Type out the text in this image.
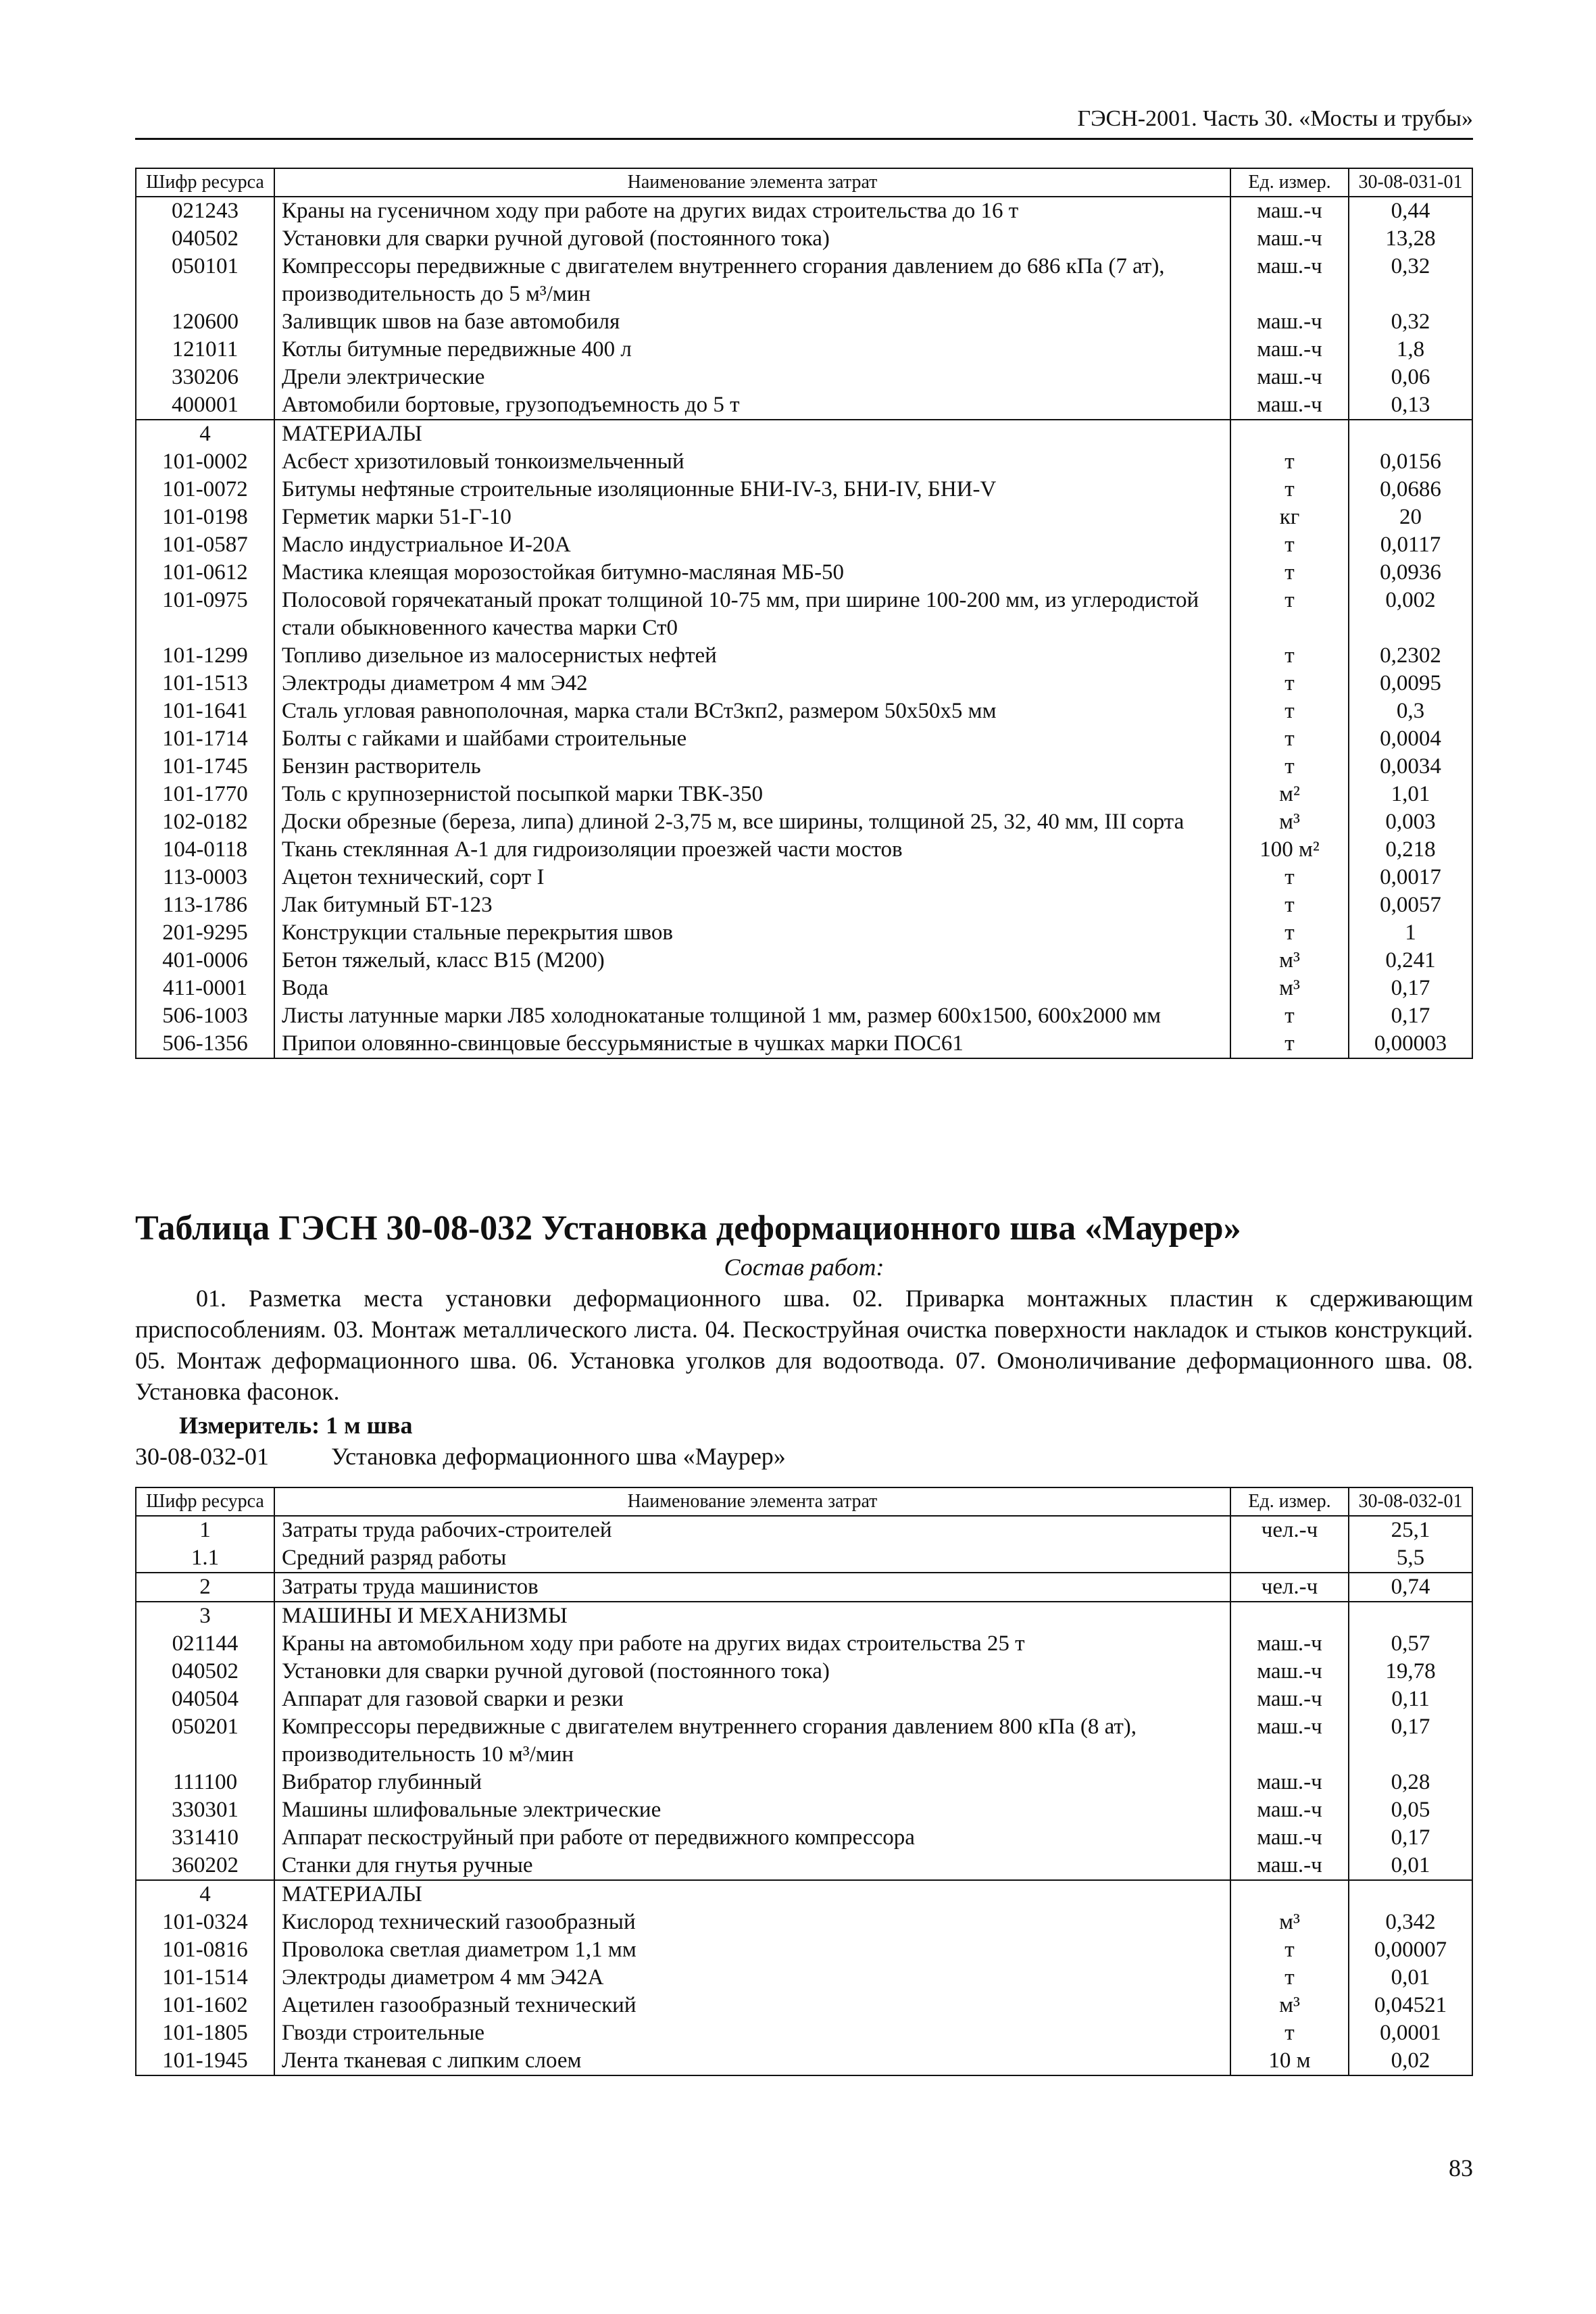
ГЭСН-2001. Часть 30. «Мосты и трубы»
Шифр ресурса	Наименование элемента затрат	Ед. измер.	30-08-031-01
021243	Краны на гусеничном ходу при работе на других видах строительства до 16 т	маш.-ч	0,44
040502	Установки для сварки ручной дуговой (постоянного тока)	маш.-ч	13,28
050101	Компрессоры передвижные с двигателем внутреннего сгорания давлением до 686 кПа (7 ат), производительность до 5 м³/мин	маш.-ч	0,32
120600	Заливщик швов на базе автомобиля	маш.-ч	0,32
121011	Котлы битумные передвижные 400 л	маш.-ч	1,8
330206	Дрели электрические	маш.-ч	0,06
400001	Автомобили бортовые, грузоподъемность до 5 т	маш.-ч	0,13
4	МАТЕРИАЛЫ		
101-0002	Асбест хризотиловый тонкоизмельченный	т	0,0156
101-0072	Битумы нефтяные строительные изоляционные БНИ-IV-3, БНИ-IV, БНИ-V	т	0,0686
101-0198	Герметик марки 51-Г-10	кг	20
101-0587	Масло индустриальное И-20А	т	0,0117
101-0612	Мастика клеящая морозостойкая битумно-масляная МБ-50	т	0,0936
101-0975	Полосовой горячекатаный прокат толщиной 10-75 мм, при ширине 100-200 мм, из углеродистой стали обыкновенного качества марки Ст0	т	0,002
101-1299	Топливо дизельное из малосернистых нефтей	т	0,2302
101-1513	Электроды диаметром 4 мм Э42	т	0,0095
101-1641	Сталь угловая равнополочная, марка стали ВСт3кп2, размером 50х50х5 мм	т	0,3
101-1714	Болты с гайками и шайбами строительные	т	0,0004
101-1745	Бензин растворитель	т	0,0034
101-1770	Толь с крупнозернистой посыпкой марки ТВК-350	м²	1,01
102-0182	Доски обрезные (береза, липа) длиной 2-3,75 м, все ширины, толщиной 25, 32, 40 мм, III сорта	м³	0,003
104-0118	Ткань стеклянная А-1 для гидроизоляции проезжей части мостов	100 м²	0,218
113-0003	Ацетон технический, сорт I	т	0,0017
113-1786	Лак битумный БТ-123	т	0,0057
201-9295	Конструкции стальные перекрытия швов	т	1
401-0006	Бетон тяжелый, класс В15 (М200)	м³	0,241
411-0001	Вода	м³	0,17
506-1003	Листы латунные марки Л85 холоднокатаные толщиной 1 мм, размер 600х1500, 600х2000 мм	т	0,17
506-1356	Припои оловянно-свинцовые бессурьмянистые в чушках марки ПОС61	т	0,00003
Таблица ГЭСН 30-08-032 Установка деформационного шва «Маурер»
Состав работ:
01. Разметка места установки деформационного шва. 02. Приварка монтажных пластин к сдерживающим приспособлениям. 03. Монтаж металлического листа. 04. Пескоструйная очистка поверхности накладок и стыков конструкций. 05. Монтаж деформационного шва. 06. Установка уголков для водоотвода. 07. Омоноличивание деформационного шва. 08. Установка фасонок.
Измеритель: 1 м шва
30-08-032-01	Установка деформационного шва «Маурер»
Шифр ресурса	Наименование элемента затрат	Ед. измер.	30-08-032-01
1	Затраты труда рабочих-строителей	чел.-ч	25,1
1.1	Средний разряд работы		5,5
2	Затраты труда машинистов	чел.-ч	0,74
3	МАШИНЫ И МЕХАНИЗМЫ		
021144	Краны на автомобильном ходу при работе на других видах строительства 25 т	маш.-ч	0,57
040502	Установки для сварки ручной дуговой (постоянного тока)	маш.-ч	19,78
040504	Аппарат для газовой сварки и резки	маш.-ч	0,11
050201	Компрессоры передвижные с двигателем внутреннего сгорания давлением 800 кПа (8 ат), производительность 10 м³/мин	маш.-ч	0,17
111100	Вибратор глубинный	маш.-ч	0,28
330301	Машины шлифовальные электрические	маш.-ч	0,05
331410	Аппарат пескоструйный при работе от передвижного компрессора	маш.-ч	0,17
360202	Станки для гнутья ручные	маш.-ч	0,01
4	МАТЕРИАЛЫ		
101-0324	Кислород технический газообразный	м³	0,342
101-0816	Проволока светлая диаметром 1,1 мм	т	0,00007
101-1514	Электроды диаметром 4 мм Э42А	т	0,01
101-1602	Ацетилен газообразный технический	м³	0,04521
101-1805	Гвозди строительные	т	0,0001
101-1945	Лента тканевая с липким слоем	10 м	0,02
83
